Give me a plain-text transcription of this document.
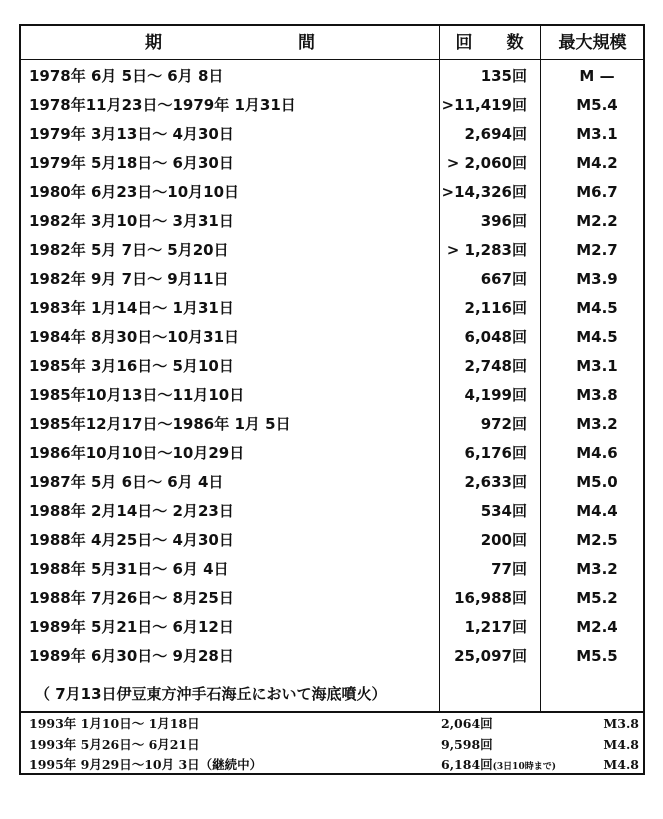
期　　　　　　　　間	回　　数	最大規模
1978年 6月 5日～ 6月 8日	135回	M —
1978年11月23日～1979年 1月31日	>11,419回	M5.4
1979年 3月13日～ 4月30日	2,694回	M3.1
1979年 5月18日～ 6月30日	> 2,060回	M4.2
1980年 6月23日～10月10日	>14,326回	M6.7
1982年 3月10日～ 3月31日	396回	M2.2
1982年 5月 7日～ 5月20日	> 1,283回	M2.7
1982年 9月 7日～ 9月11日	667回	M3.9
1983年 1月14日～ 1月31日	2,116回	M4.5
1984年 8月30日～10月31日	6,048回	M4.5
1985年 3月16日～ 5月10日	2,748回	M3.1
1985年10月13日～11月10日	4,199回	M3.8
1985年12月17日～1986年 1月 5日	972回	M3.2
1986年10月10日～10月29日	6,176回	M4.6
1987年 5月 6日～ 6月 4日	2,633回	M5.0
1988年 2月14日～ 2月23日	534回	M4.4
1988年 4月25日～ 4月30日	200回	M2.5
1988年 5月31日～ 6月 4日	77回	M3.2
1988年 7月26日～ 8月25日	16,988回	M5.2
1989年 5月21日～ 6月12日	1,217回	M2.4
1989年 6月30日～ 9月28日	25,097回	M5.5
（ 7月13日伊豆東方沖手石海丘において海底噴火）
1993年 1月10日～ 1月18日	2,064回	M3.8
1993年 5月26日～ 6月21日	9,598回	M4.8
1995年 9月29日～10月 3日（継続中）	6,184回(3日10時まで)	M4.8
